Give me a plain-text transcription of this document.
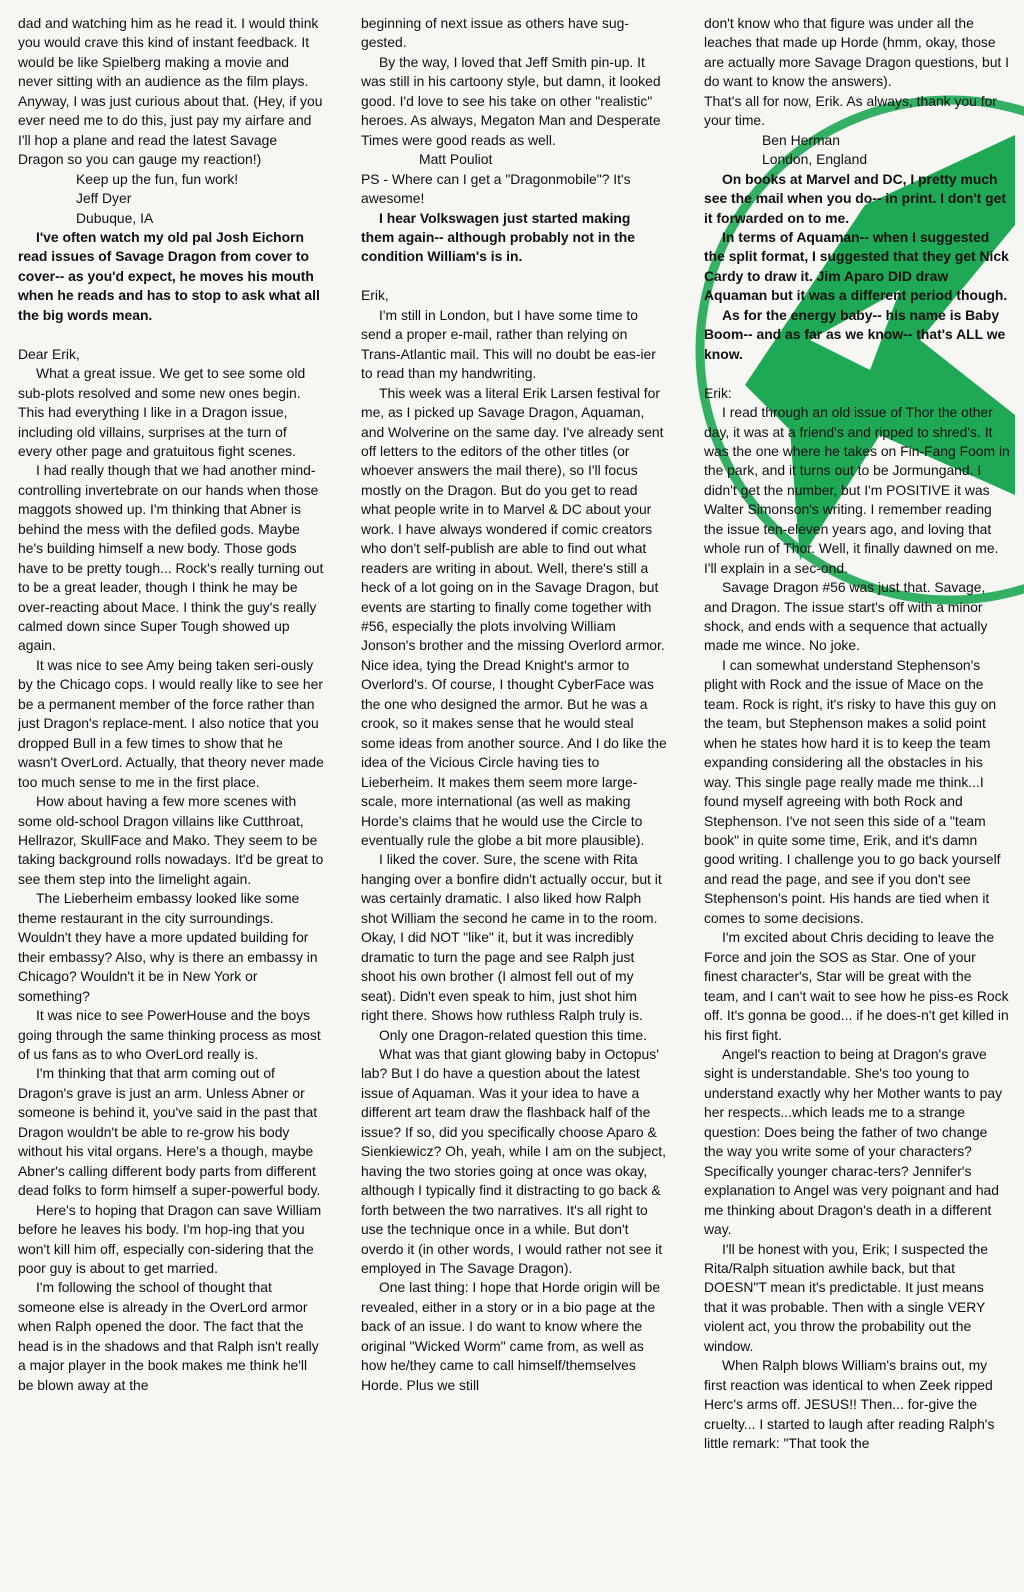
dad and watching him as he read it. I would think you would crave this kind of instant feedback. It would be like Spielberg making a movie and never sitting with an audience as the film plays. Anyway, I was just curious about that. (Hey, if you ever need me to do this, just pay my airfare and I'll hop a plane and read the latest Savage Dragon so you can gauge my reaction!)

Keep up the fun, fun work!

Jeff Dyer

Dubuque, IA

I've often watch my old pal Josh Eichorn read issues of Savage Dragon from cover to cover-- as you'd expect, he moves his mouth when he reads and has to stop to ask what all the big words mean.

Dear Erik,

What a great issue. We get to see some old sub-plots resolved and some new ones begin. This had everything I like in a Dragon issue, including old villains, surprises at the turn of every other page and gratuitous fight scenes.

I had really though that we had another mind-controlling invertebrate on our hands when those maggots showed up. I'm thinking that Abner is behind the mess with the defiled gods. Maybe he's building himself a new body. Those gods have to be pretty tough... Rock's really turning out to be a great leader, though I think he may be over-reacting about Mace. I think the guy's really calmed down since Super Tough showed up again.

It was nice to see Amy being taken seri-ously by the Chicago cops. I would really like to see her be a permanent member of the force rather than just Dragon's replace-ment. I also notice that you dropped Bull in a few times to show that he wasn't OverLord. Actually, that theory never made too much sense to me in the first place.

How about having a few more scenes with some old-school Dragon villains like Cutthroat, Hellrazor, SkullFace and Mako. They seem to be taking background rolls nowadays. It'd be great to see them step into the limelight again.

The Lieberheim embassy looked like some theme restaurant in the city surroundings. Wouldn't they have a more updated building for their embassy? Also, why is there an embassy in Chicago? Wouldn't it be in New York or something?

It was nice to see PowerHouse and the boys going through the same thinking process as most of us fans as to who OverLord really is.

I'm thinking that that arm coming out of Dragon's grave is just an arm. Unless Abner or someone is behind it, you've said in the past that Dragon wouldn't be able to re-grow his body without his vital organs. Here's a though, maybe Abner's calling different body parts from different dead folks to form himself a super-powerful body.

Here's to hoping that Dragon can save William before he leaves his body. I'm hop-ing that you won't kill him off, especially con-sidering that the poor guy is about to get married.

I'm following the school of thought that someone else is already in the OverLord armor when Ralph opened the door. The fact that the head is in the shadows and that Ralph isn't really a major player in the book makes me think he'll be blown away at the

beginning of next issue as others have sug-gested.

By the way, I loved that Jeff Smith pin-up. It was still in his cartoony style, but damn, it looked good. I'd love to see his take on other "realistic" heroes. As always, Megaton Man and Desperate Times were good reads as well.

Matt Pouliot

PS - Where can I get a "Dragonmobile"? It's awesome!

I hear Volkswagen just started making them again-- although probably not in the condition William's is in.

Erik,

I'm still in London, but I have some time to send a proper e-mail, rather than relying on Trans-Atlantic mail. This will no doubt be eas-ier to read than my handwriting.

This week was a literal Erik Larsen festival for me, as I picked up Savage Dragon, Aquaman, and Wolverine on the same day. I've already sent off letters to the editors of the other titles (or whoever answers the mail there), so I'll focus mostly on the Dragon. But do you get to read what people write in to Marvel & DC about your work. I have always wondered if comic creators who don't self-publish are able to find out what readers are writing in about. Well, there's still a heck of a lot going on in the Savage Dragon, but events are starting to finally come together with #56, especially the plots involving William Jonson's brother and the missing Overlord armor. Nice idea, tying the Dread Knight's armor to Overlord's. Of course, I thought CyberFace was the one who designed the armor. But he was a crook, so it makes sense that he would steal some ideas from another source. And I do like the idea of the Vicious Circle having ties to Lieberheim. It makes them seem more large- scale, more international (as well as making Horde's claims that he would use the Circle to eventually rule the globe a bit more plausible).

I liked the cover. Sure, the scene with Rita hanging over a bonfire didn't actually occur, but it was certainly dramatic. I also liked how Ralph shot William the second he came in to the room. Okay, I did NOT "like" it, but it was incredibly dramatic to turn the page and see Ralph just shoot his own brother (I almost fell out of my seat). Didn't even speak to him, just shot him right there. Shows how ruthless Ralph truly is.

Only one Dragon-related question this time.

What was that giant glowing baby in Octopus' lab? But I do have a question about the latest issue of Aquaman. Was it your idea to have a different art team draw the flashback half of the issue? If so, did you specifically choose Aparo & Sienkiewicz? Oh, yeah, while I am on the subject, having the two stories going at once was okay, although I typically find it distracting to go back & forth between the two narratives. It's all right to use the technique once in a while. But don't overdo it (in other words, I would rather not see it employed in The Savage Dragon).

One last thing: I hope that Horde origin will be revealed, either in a story or in a bio page at the back of an issue. I do want to know where the original "Wicked Worm" came from, as well as how he/they came to call himself/themselves Horde. Plus we still

don't know who that figure was under all the leaches that made up Horde (hmm, okay, those are actually more Savage Dragon questions, but I do want to know the answers).

That's all for now, Erik. As always, thank you for your time.

Ben Herman

London, England

On books at Marvel and DC, I pretty much see the mail when you do-- in print. I don't get it forwarded on to me.

In terms of Aquaman-- when I suggested the split format, I suggested that they get Nick Cardy to draw it. Jim Aparo DID draw Aquaman but it was a different period though.

As for the energy baby-- his name is Baby Boom-- and as far as we know-- that's ALL we know.

Erik:

I read through an old issue of Thor the other day, it was at a friend's and ripped to shred's. It was the one where he takes on Fin-Fang Foom in the park, and it turns out to be Jormungand. I didn't get the number, but I'm POSITIVE it was Walter Simonson's writing. I remember reading the issue ten-eleven years ago, and loving that whole run of Thor. Well, it finally dawned on me. I'll explain in a sec-ond.

Savage Dragon #56 was just that. Savage, and Dragon. The issue start's off with a minor shock, and ends with a sequence that actually made me wince. No joke.

I can somewhat understand Stephenson's plight with Rock and the issue of Mace on the team. Rock is right, it's risky to have this guy on the team, but Stephenson makes a solid point when he states how hard it is to keep the team expanding considering all the obstacles in his way. This single page really made me think...I found myself agreeing with both Rock and Stephenson. I've not seen this side of a "team book" in quite some time, Erik, and it's damn good writing. I challenge you to go back yourself and read the page, and see if you don't see Stephenson's point. His hands are tied when it comes to some decisions.

I'm excited about Chris deciding to leave the Force and join the SOS as Star. One of your finest character's, Star will be great with the team, and I can't wait to see how he piss-es Rock off. It's gonna be good... if he does-n't get killed in his first fight.

Angel's reaction to being at Dragon's grave sight is understandable. She's too young to understand exactly why her Mother wants to pay her respects...which leads me to a strange question: Does being the father of two change the way you write some of your characters? Specifically younger charac-ters? Jennifer's explanation to Angel was very poignant and had me thinking about Dragon's death in a different way.

I'll be honest with you, Erik; I suspected the Rita/Ralph situation awhile back, but that DOESN"T mean it's predictable. It just means that it was probable. Then with a single VERY violent act, you throw the probability out the window.

When Ralph blows William's brains out, my first reaction was identical to when Zeek ripped Herc's arms off. JESUS!! Then... for-give the cruelty... I started to laugh after reading Ralph's little remark: "That took the
